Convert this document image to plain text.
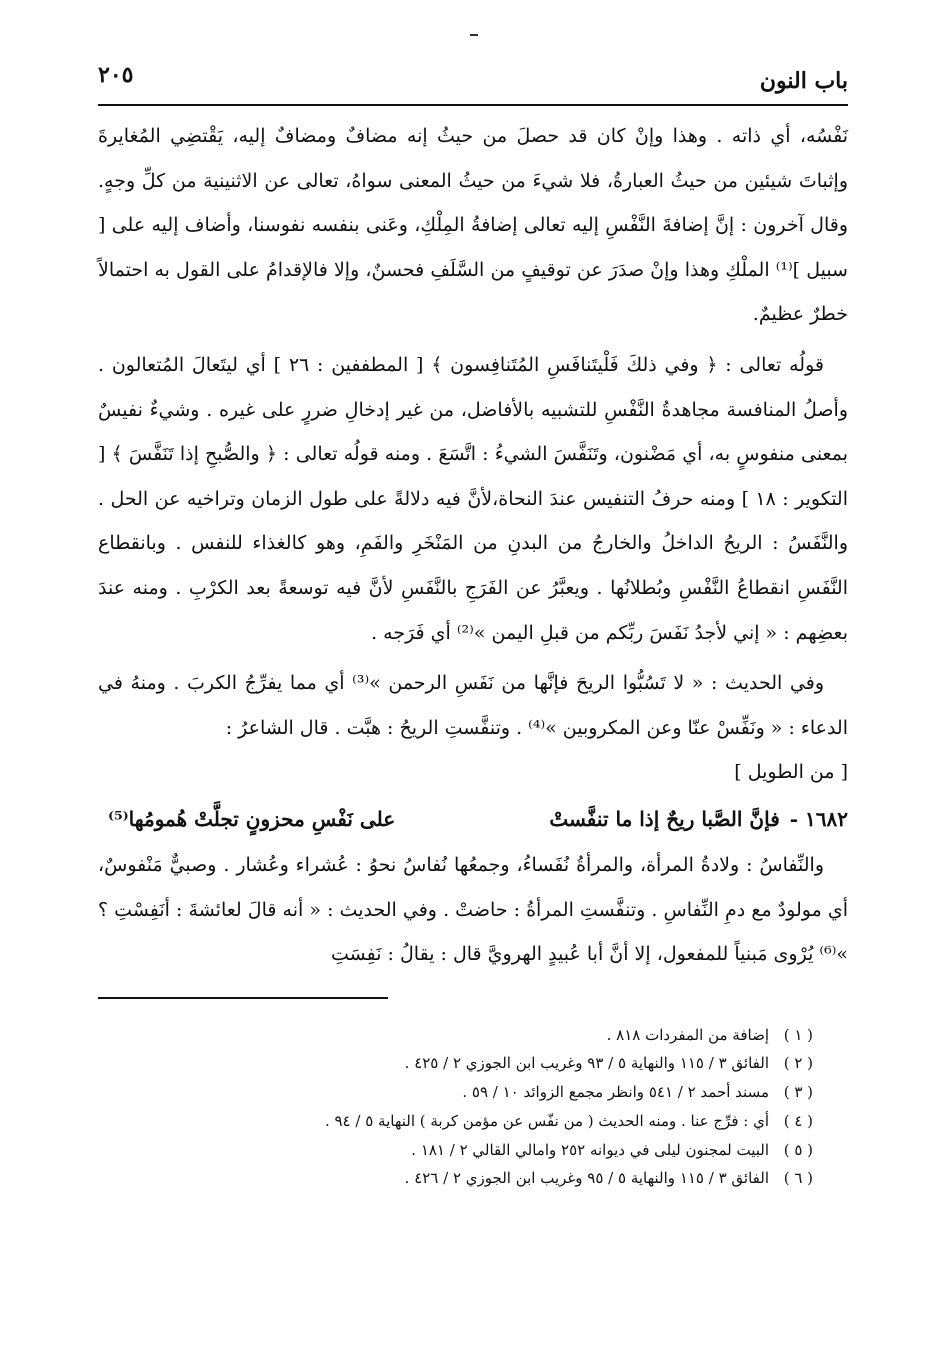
باب النون
٢٠٥

نَفْسُه، أي ذاته . وهذا وإنْ كان قد حصلَ من حيثُ إنه مضافٌ ومضافٌ إليه، يَقْتضِي المُغايرةَ وإثباتَ شيئين من حيثُ العبارةُ، فلا شيءَ من حيثُ المعنى سواهُ، تعالى عن الاثنينية من كلِّ وجهٍ. وقال آخرون : إنَّ إضافةَ النَّفْسِ إليه تعالى إضافةُ المِلْكِ، وعَنى بنفسه نفوسنا، وأضاف إليه على [ سبيل ]⁽¹⁾ الملْكِ وهذا وإنْ صدَرَ عن توقيفٍ من السَّلَفِ فحسنٌ، وإلا فالإقدامُ على القول به احتمالاً خطرٌ عظيمٌ.

قولُه تعالى : ﴿ وفي ذلكَ فَلْيتَنافَسِ المُتَنافِسون ﴾ [ المطففين : ٢٦ ] أي ليتَعالَ المُتعالون . وأصلُ المنافسة مجاهدةُ النَّفْسِ للتشبيه بالأفاضل، من غير إدخالِ ضررٍ على غيره . وشيءٌ نفيسٌ بمعنى منفوسٍ به، أي مَضْنون، وتَنَفَّسَ الشيءُ : اتَّسَعَ . ومنه قولُه تعالى : ﴿ والصُّبحِ إذا تَنَفَّسَ ﴾ [ التكوير : ١٨ ] ومنه حرفُ التنفيس عندَ النحاة،لأنَّ فيه دلالةً على طول الزمان وتراخيه عن الحل . والنَّفَسُ : الريحُ الداخلُ والخارجُ من البدنِ من المَنْخَرِ والفَمِ، وهو كالغذاء للنفس . وبانقطاع النَّفَسِ انقطاعُ النَّفْسِ وبُطلانُها . ويعبَّرُ عن الفَرَجِ بالنَّفَسِ لأنَّ فيه توسعةً بعد الكرْبِ . ومنه عندَ بعضِهم : « إني لأجدُ نَفَسَ ربِّكم من قبلِ اليمن »⁽²⁾ أي فَرَجه .

وفي الحديث : « لا تَسُبُّوا الريحَ فإنَّها من نَفَسِ الرحمن »⁽³⁾ أي مما يفرِّجُ الكربَ . ومنهُ في الدعاء : « ونَفِّسْ عنّا وعن المكروبين »⁽⁴⁾ . وتنفَّستِ الريحُ : هبَّت . قال الشاعرُ :

[ من الطويل ]

١٦٨٢ -
فإنَّ الصَّبا ريحٌ إذا ما تنفَّستْ
على نَفْسِ محزونٍ تجلَّتْ هُمومُها⁽⁵⁾

والنِّفاسُ : ولادةُ المرأة، والمرأةُ نُفَساءُ، وجمعُها نُفاسُ نحوُ : عُشراء وعُشار . وصبيٌّ مَنْفوسٌ، أي مولودٌ مع دمِ النِّفاسِ . وتنفَّستِ المرأةُ : حاضتْ . وفي الحديث : « أنه قالَ لعائشةَ : أنَفِسْتِ ؟ »⁽⁶⁾ يُرْوى مَبنياً للمفعول، إلا أنَّ أبا عُبيدٍ الهرويَّ قال : يقالُ : نَفِسَتِ

( ١ )
إضافة من المفردات ٨١٨ .
( ٢ )
الفائق ٣ / ١١٥ والنهاية ٥ / ٩٣ وغريب ابن الجوزي ٢ / ٤٢٥ .
( ٣ )
مسند أحمد ٢ / ٥٤١ وانظر مجمع الزوائد ١٠ / ٥٩ .
( ٤ )
أي : فرِّج عنا . ومنه الحديث ( من نفّس عن مؤمن كربة ) النهاية ٥ / ٩٤ .
( ٥ )
البيت لمجنون ليلى في ديوانه ٢٥٢ وامالي القالي ٢ / ١٨١ .
( ٦ )
الفائق ٣ / ١١٥ والنهاية ٥ / ٩٥ وغريب ابن الجوزي ٢ / ٤٢٦ .
